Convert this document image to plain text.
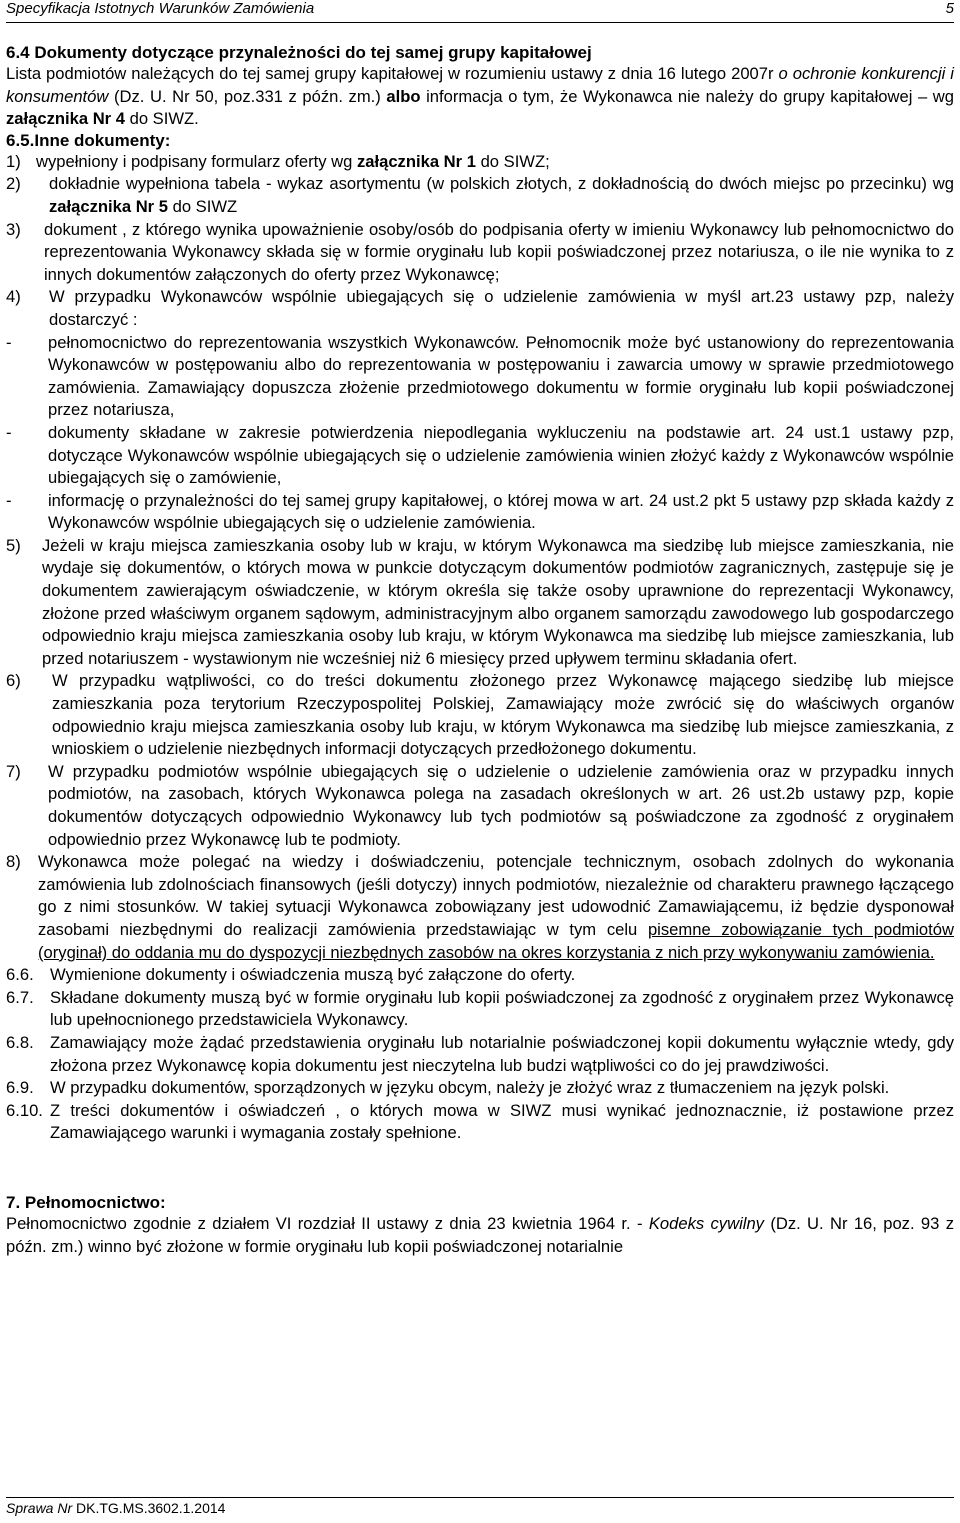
Specyfikacja Istotnych Warunków Zamówienia	5
6.4 Dokumenty dotyczące przynależności do tej samej grupy kapitałowej

Lista podmiotów należących do tej samej grupy kapitałowej w rozumieniu ustawy z dnia 16 lutego 2007r o ochronie konkurencji i konsumentów (Dz. U. Nr 50, poz.331 z późn. zm.) albo informacja o tym, że Wykonawca nie należy do grupy kapitałowej – wg załącznika Nr 4 do SIWZ.

6.5.Inne dokumenty:
1) wypełniony i podpisany formularz oferty wg załącznika Nr 1 do SIWZ;
2)	dokładnie wypełniona tabela - wykaz asortymentu (w polskich złotych, z dokładnością do dwóch miejsc po przecinku) wg załącznika Nr 5 do SIWZ
3)	dokument , z którego wynika upoważnienie osoby/osób do podpisania oferty w imieniu Wykonawcy lub pełnomocnictwo do reprezentowania Wykonawcy składa się w formie oryginału lub kopii poświadczonej przez notariusza, o ile nie wynika to z innych dokumentów załączonych do oferty przez Wykonawcę;
4)	W przypadku Wykonawców wspólnie ubiegających się o udzielenie zamówienia w myśl art.23 ustawy pzp, należy dostarczyć :
-	pełnomocnictwo do reprezentowania wszystkich Wykonawców. Pełnomocnik może być ustanowiony do reprezentowania Wykonawców w postępowaniu albo do reprezentowania w postępowaniu i zawarcia umowy w sprawie przedmiotowego zamówienia. Zamawiający dopuszcza złożenie przedmiotowego dokumentu w formie oryginału lub kopii poświadczonej przez notariusza,
-	dokumenty składane w zakresie potwierdzenia niepodlegania wykluczeniu na podstawie art. 24 ust.1 ustawy pzp, dotyczące Wykonawców wspólnie ubiegających się o udzielenie zamówienia winien złożyć każdy z Wykonawców wspólnie ubiegających się o zamówienie,
-	informację o przynależności do tej samej grupy kapitałowej, o której mowa w art. 24 ust.2 pkt 5 ustawy pzp składa każdy z Wykonawców wspólnie ubiegających się o udzielenie zamówienia.
5)	Jeżeli w kraju miejsca zamieszkania osoby lub w kraju, w którym Wykonawca ma siedzibę lub miejsce zamieszkania, nie wydaje się dokumentów, o których mowa w punkcie dotyczącym dokumentów podmiotów zagranicznych, zastępuje się je dokumentem zawierającym oświadczenie, w którym określa się także osoby uprawnione do reprezentacji Wykonawcy, złożone przed właściwym organem sądowym, administracyjnym albo organem samorządu zawodowego lub gospodarczego odpowiednio kraju miejsca zamieszkania osoby lub kraju, w którym Wykonawca ma siedzibę lub miejsce zamieszkania, lub przed notariuszem - wystawionym nie wcześniej niż 6 miesięcy przed upływem terminu składania ofert.
6)	W przypadku wątpliwości, co do treści dokumentu złożonego przez Wykonawcę mającego siedzibę lub miejsce zamieszkania poza terytorium Rzeczypospolitej Polskiej, Zamawiający może zwrócić się do właściwych organów odpowiednio kraju miejsca zamieszkania osoby lub kraju, w którym Wykonawca ma siedzibę lub miejsce zamieszkania, z wnioskiem o udzielenie niezbędnych informacji dotyczących przedłożonego dokumentu.
7)	W przypadku podmiotów wspólnie ubiegających się o udzielenie o udzielenie zamówienia oraz w przypadku innych podmiotów, na zasobach, których Wykonawca polega na zasadach określonych w art. 26 ust.2b ustawy pzp, kopie dokumentów dotyczących odpowiednio Wykonawcy lub tych podmiotów są poświadczone za zgodność z oryginałem odpowiednio przez Wykonawcę lub te podmioty.
8)	Wykonawca może polegać na wiedzy i doświadczeniu, potencjale technicznym, osobach zdolnych do wykonania zamówienia lub zdolnościach finansowych (jeśli dotyczy) innych podmiotów, niezależnie od charakteru prawnego łączącego go z nimi stosunków. W takiej sytuacji Wykonawca zobowiązany jest udowodnić Zamawiającemu, iż będzie dysponował zasobami niezbędnymi do realizacji zamówienia przedstawiając w tym celu pisemne zobowiązanie tych podmiotów (oryginał) do oddania mu do dyspozycji niezbędnych zasobów na okres korzystania z nich przy wykonywaniu zamówienia.
6.6. Wymienione dokumenty i oświadczenia muszą być załączone do oferty.
6.7. Składane dokumenty muszą być w formie oryginału lub kopii poświadczonej za zgodność z oryginałem przez Wykonawcę lub upełnocnionego przedstawiciela Wykonawcy.
6.8. Zamawiający może żądać przedstawienia oryginału lub notarialnie poświadczonej kopii dokumentu wyłącznie wtedy, gdy złożona przez Wykonawcę kopia dokumentu jest nieczytelna lub budzi wątpliwości co do jej prawdziwości.
6.9. W przypadku dokumentów, sporządzonych w języku obcym, należy je złożyć wraz z tłumaczeniem na język polski.
6.10. Z treści dokumentów i oświadczeń , o których mowa w SIWZ musi wynikać jednoznacznie, iż postawione przez Zamawiającego warunki i wymagania zostały spełnione.
7. Pełnomocnictwo:

Pełnomocnictwo zgodnie z działem VI rozdział II ustawy z dnia 23 kwietnia 1964 r. - Kodeks cywilny (Dz. U. Nr 16, poz. 93 z późn. zm.) winno być złożone w formie oryginału lub kopii poświadczonej notarialnie

Sprawa Nr DK.TG.MS.3602.1.2014
